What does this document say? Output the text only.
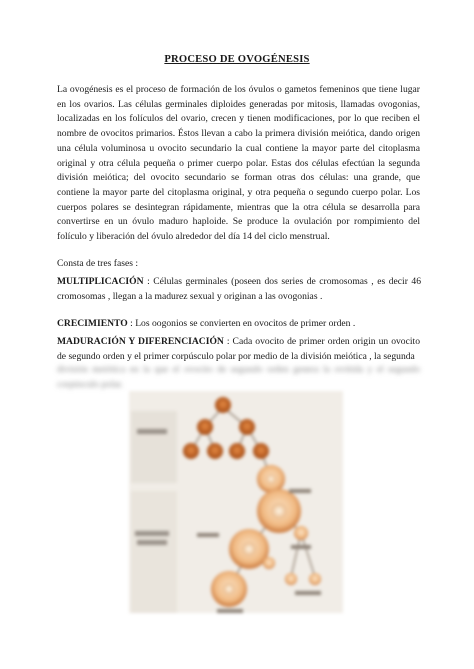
PROCESO DE OVOGÉNESIS

La ovogénesis es el proceso de formación de los óvulos o gametos femeninos que tiene lugar en los ovarios. Las células germinales diploides generadas por mitosis, llamadas ovogonias, localizadas en los folículos del ovario, crecen y tienen modificaciones, por lo que reciben el nombre de ovocitos primarios. Éstos llevan a cabo la primera división meiótica, dando origen una célula voluminosa u ovocito secundario la cual contiene la mayor parte del citoplasma original y otra célula pequeña o primer cuerpo polar. Estas dos células efectúan la segunda división meiótica; del ovocito secundario se forman otras dos células: una grande, que contiene la mayor parte del citoplasma original, y otra pequeña o segundo cuerpo polar. Los cuerpos polares se desintegran rápidamente, mientras que la otra célula se desarrolla para convertirse en un óvulo maduro haploide. Se produce la ovulación por rompimiento del folículo y liberación del óvulo alrededor del día 14 del ciclo menstrual.

Consta de tres fases :

MULTIPLICACIÓN : Células germinales (poseen dos series de cromosomas , es decir 46 cromosomas , llegan a la madurez sexual y originan a las ovogonias .

CRECIMIENTO : Los oogonios se convierten en ovocitos de primer orden .

MADURACIÓN Y DIFERENCIACIÓN : Cada ovocito de primer orden origin un ovocito de segundo orden y el primer corpúsculo polar por medio de la división meiótica , la segunda

división meiótica en la que el ovocito de segundo orden genera la ovótida y el segundo corpúsculo polar.
